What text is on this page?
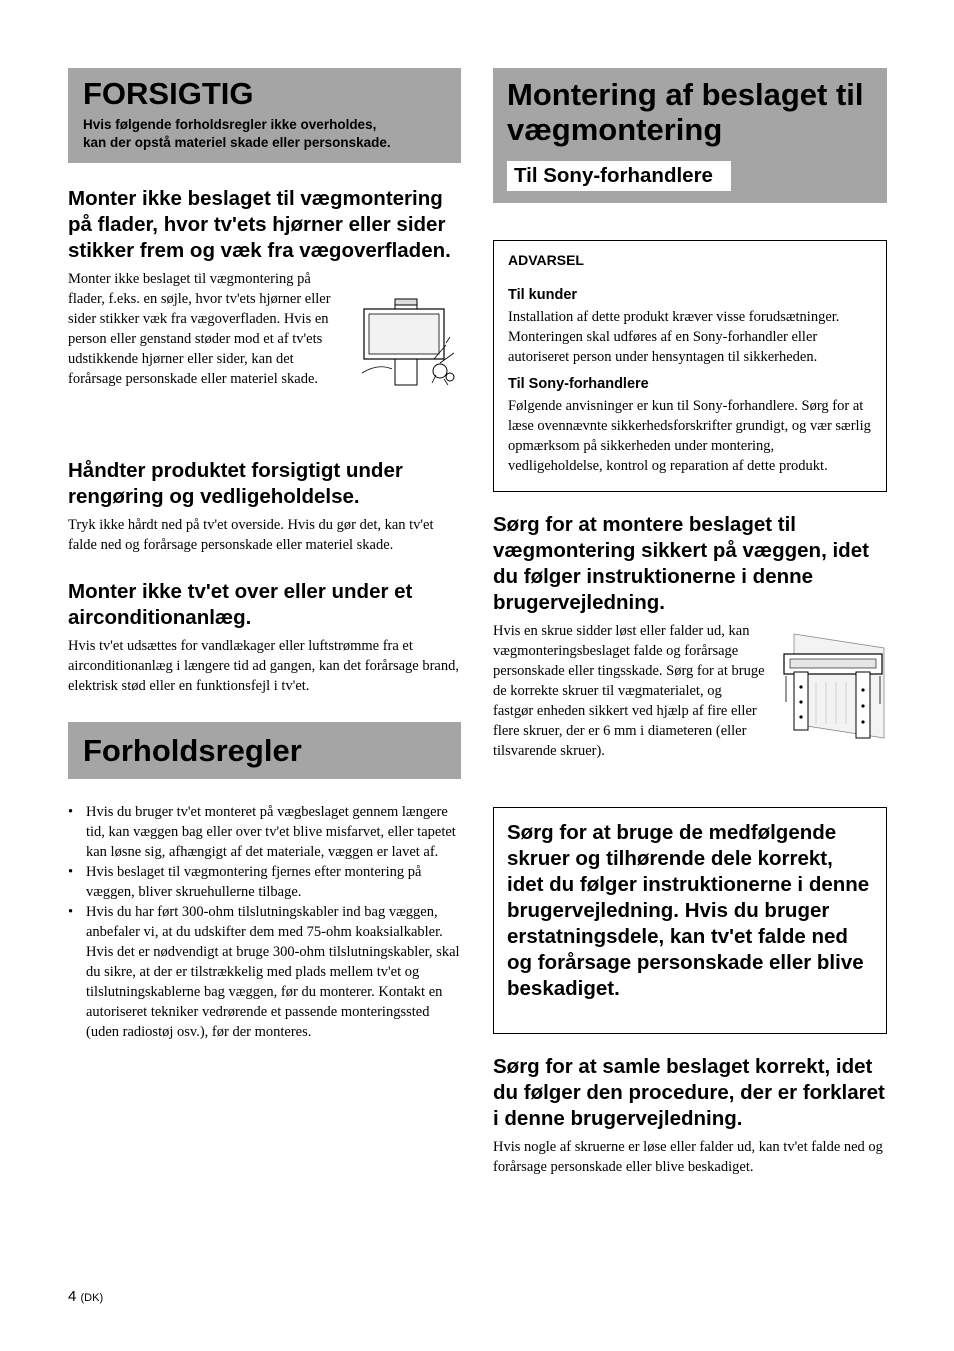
FORSIGTIG
Hvis følgende forholdsregler ikke overholdes,
kan der opstå materiel skade eller personskade.
Monter ikke beslaget til vægmontering på flader, hvor tv'ets hjørner eller sider stikker frem og væk fra vægoverfladen.

Monter ikke beslaget til vægmontering på flader, f.eks. en søjle, hvor tv'ets hjørner eller sider stikker væk fra vægoverfladen. Hvis en person eller genstand støder mod et af tv'ets udstikkende hjørner eller sider, kan det forårsage personskade eller materiel skade.

Håndter produktet forsigtigt under rengøring og vedligeholdelse.

Tryk ikke hårdt ned på tv'et overside. Hvis du gør det, kan tv'et falde ned og forårsage personskade eller materiel skade.

Monter ikke tv'et over eller under et airconditionanlæg.

Hvis tv'et udsættes for vandlækager eller luftstrømme fra et airconditionanlæg i længere tid ad gangen, kan det forårsage brand, elektrisk stød eller en funktionsfejl i tv'et.

Forholdsregler
• Hvis du bruger tv'et monteret på vægbeslaget gennem længere tid, kan væggen bag eller over tv'et blive misfarvet, eller tapetet kan løsne sig, afhængigt af det materiale, væggen er lavet af.
• Hvis beslaget til vægmontering fjernes efter montering på væggen, bliver skruehullerne tilbage.
• Hvis du har ført 300-ohm tilslutningskabler ind bag væggen, anbefaler vi, at du udskifter dem med 75-ohm koaksialkabler. Hvis det er nødvendigt at bruge 300-ohm tilslutningskabler, skal du sikre, at der er tilstrækkelig med plads mellem tv'et og tilslutningskablerne bag væggen, før du monterer. Kontakt en autoriseret tekniker vedrørende et passende monteringssted (uden radiostøj osv.), før der monteres.
Montering af beslaget til
vægmontering
Til Sony-forhandlere
ADVARSEL
Til kunder

Installation af dette produkt kræver visse forudsætninger. Monteringen skal udføres af en Sony-forhandler eller autoriseret person under hensyntagen til sikkerheden.

Til Sony-forhandlere

Følgende anvisninger er kun til Sony-forhandlere. Sørg for at læse ovennævnte sikkerhedsforskrifter grundigt, og vær særlig opmærksom på sikkerheden under montering, vedligeholdelse, kontrol og reparation af dette produkt.

Sørg for at montere beslaget til vægmontering sikkert på væggen, idet du følger instruktionerne i denne brugervejledning.

Hvis en skrue sidder løst eller falder ud, kan vægmonteringsbeslaget falde og forårsage personskade eller tingsskade. Sørg for at bruge de korrekte skruer til vægmaterialet, og fastgør enheden sikkert ved hjælp af fire eller flere skruer, der er 6 mm i diameteren (eller tilsvarende skruer).

Sørg for at bruge de medfølgende skruer og tilhørende dele korrekt, idet du følger instruktionerne i denne brugervejledning. Hvis du bruger erstatningsdele, kan tv'et falde ned og forårsage personskade eller blive beskadiget.
Sørg for at samle beslaget korrekt, idet du følger den procedure, der er forklaret i denne brugervejledning.

Hvis nogle af skruerne er løse eller falder ud, kan tv'et falde ned og forårsage personskade eller blive beskadiget.

4 (DK)
